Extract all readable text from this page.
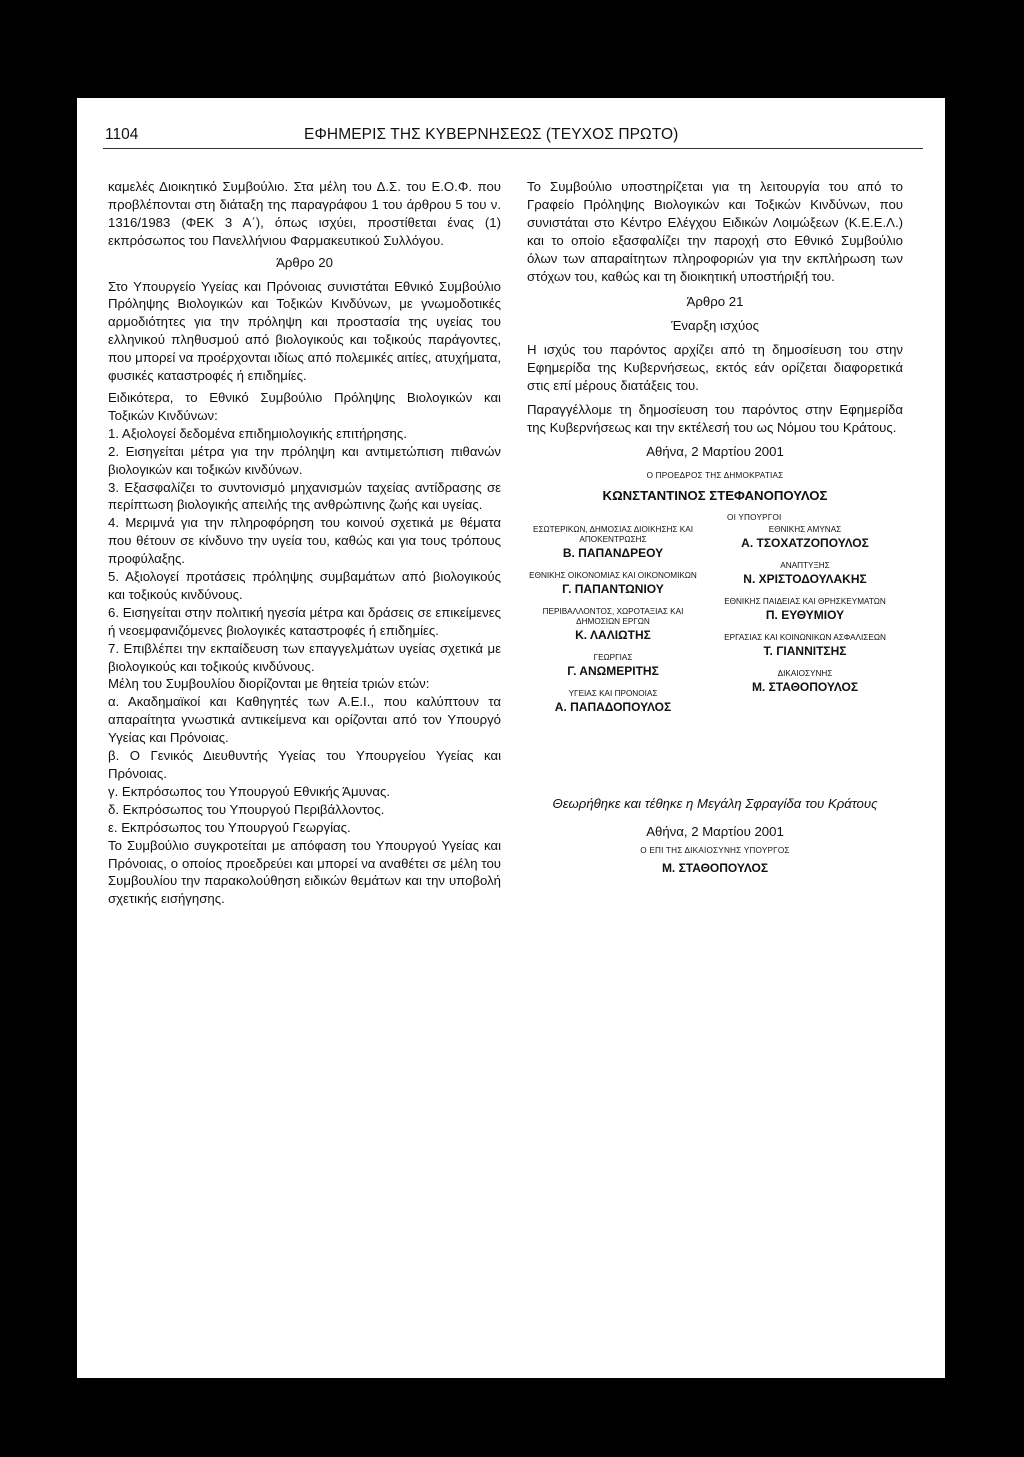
1104	ΕΦΗΜΕΡΙΣ ΤΗΣ ΚΥΒΕΡΝΗΣΕΩΣ (ΤΕΥΧΟΣ ΠΡΩΤΟ)

καμελές Διοικητικό Συμβούλιο. Στα μέλη του Δ.Σ. του Ε.Ο.Φ. που προβλέπονται στη διάταξη της παραγράφου 1 του άρθρου 5 του ν. 1316/1983 (ΦΕΚ 3 Α΄), όπως ισχύει, προστίθεται ένας (1) εκπρόσωπος του Πανελλήνιου Φαρμακευτικού Συλλόγου.

Άρθρο 20

Στο Υπουργείο Υγείας και Πρόνοιας συνιστάται Εθνικό Συμβούλιο Πρόληψης Βιολογικών και Τοξικών Κινδύνων, με γνωμοδοτικές αρμοδιότητες για την πρόληψη και προστασία της υγείας του ελληνικού πληθυσμού από βιολογικούς και τοξικούς παράγοντες, που μπορεί να προέρχονται ιδίως από πολεμικές αιτίες, ατυχήματα, φυσικές καταστροφές ή επιδημίες.

Ειδικότερα, το Εθνικό Συμβούλιο Πρόληψης Βιολογικών και Τοξικών Κινδύνων:

1. Αξιολογεί δεδομένα επιδημιολογικής επιτήρησης.

2. Εισηγείται μέτρα για την πρόληψη και αντιμετώπιση πιθανών βιολογικών και τοξικών κινδύνων.

3. Εξασφαλίζει το συντονισμό μηχανισμών ταχείας αντίδρασης σε περίπτωση βιολογικής απειλής της ανθρώπινης ζωής και υγείας.

4. Μεριμνά για την πληροφόρηση του κοινού σχετικά με θέματα που θέτουν σε κίνδυνο την υγεία του, καθώς και για τους τρόπους προφύλαξης.

5. Αξιολογεί προτάσεις πρόληψης συμβαμάτων από βιολογικούς και τοξικούς κινδύνους.

6. Εισηγείται στην πολιτική ηγεσία μέτρα και δράσεις σε επικείμενες ή νεοεμφανιζόμενες βιολογικές καταστροφές ή επιδημίες.

7. Επιβλέπει την εκπαίδευση των επαγγελμάτων υγείας σχετικά με βιολογικούς και τοξικούς κινδύνους.

Μέλη του Συμβουλίου διορίζονται με θητεία τριών ετών:

α. Ακαδημαϊκοί και Καθηγητές των Α.Ε.Ι., που καλύπτουν τα απαραίτητα γνωστικά αντικείμενα και ορίζονται από τον Υπουργό Υγείας και Πρόνοιας.

β. Ο Γενικός Διευθυντής Υγείας του Υπουργείου Υγείας και Πρόνοιας.

γ. Εκπρόσωπος του Υπουργού Εθνικής Άμυνας.

δ. Εκπρόσωπος του Υπουργού Περιβάλλοντος.

ε. Εκπρόσωπος του Υπουργού Γεωργίας.

Το Συμβούλιο συγκροτείται με απόφαση του Υπουργού Υγείας και Πρόνοιας, ο οποίος προεδρεύει και μπορεί να αναθέτει σε μέλη του Συμβουλίου την παρακολούθηση ειδικών θεμάτων και την υποβολή σχετικής εισήγησης.

Το Συμβούλιο υποστηρίζεται για τη λειτουργία του από το Γραφείο Πρόληψης Βιολογικών και Τοξικών Κινδύνων, που συνιστάται στο Κέντρο Ελέγχου Ειδικών Λοιμώξεων (Κ.Ε.Ε.Λ.) και το οποίο εξασφαλίζει την παροχή στο Εθνικό Συμβούλιο όλων των απαραίτητων πληροφοριών για την εκπλήρωση των στόχων του, καθώς και τη διοικητική υποστήριξή του.

Άρθρο 21

Έναρξη ισχύος

Η ισχύς του παρόντος αρχίζει από τη δημοσίευση του στην Εφημερίδα της Κυβερνήσεως, εκτός εάν ορίζεται διαφορετικά στις επί μέρους διατάξεις του.

Παραγγέλλομε τη δημοσίευση του παρόντος στην Εφημερίδα της Κυβερνήσεως και την εκτέλεσή του ως Νόμου του Κράτους.

Αθήνα, 2 Μαρτίου 2001

Ο ΠΡΟΕΔΡΟΣ ΤΗΣ ΔΗΜΟΚΡΑΤΙΑΣ

ΚΩΝΣΤΑΝΤΙΝΟΣ ΣΤΕΦΑΝΟΠΟΥΛΟΣ

ΟΙ ΥΠΟΥΡΓΟΙ

ΕΣΩΤΕΡΙΚΩΝ, ΔΗΜΟΣΙΑΣ ΔΙΟΙΚΗΣΗΣ ΚΑΙ ΑΠΟΚΕΝΤΡΩΣΗΣ
Β. ΠΑΠΑΝΔΡΕΟΥ
ΕΘΝΙΚΗΣ ΟΙΚΟΝΟΜΙΑΣ ΚΑΙ ΟΙΚΟΝΟΜΙΚΩΝ
Γ. ΠΑΠΑΝΤΩΝΙΟΥ
ΠΕΡΙΒΑΛΛΟΝΤΟΣ, ΧΩΡΟΤΑΞΙΑΣ ΚΑΙ ΔΗΜΟΣΙΩΝ ΕΡΓΩΝ
Κ. ΛΑΛΙΩΤΗΣ
ΓΕΩΡΓΙΑΣ
Γ. ΑΝΩΜΕΡΙΤΗΣ
ΥΓΕΙΑΣ ΚΑΙ ΠΡΟΝΟΙΑΣ
Α. ΠΑΠΑΔΟΠΟΥΛΟΣ
ΕΘΝΙΚΗΣ ΑΜΥΝΑΣ
Α. ΤΣΟΧΑΤΖΟΠΟΥΛΟΣ
ΑΝΑΠΤΥΞΗΣ
Ν. ΧΡΙΣΤΟΔΟΥΛΑΚΗΣ
ΕΘΝΙΚΗΣ ΠΑΙΔΕΙΑΣ ΚΑΙ ΘΡΗΣΚΕΥΜΑΤΩΝ
Π. ΕΥΘΥΜΙΟΥ
ΕΡΓΑΣΙΑΣ ΚΑΙ ΚΟΙΝΩΝΙΚΩΝ ΑΣΦΑΛΙΣΕΩΝ
Τ. ΓΙΑΝΝΙΤΣΗΣ
ΔΙΚΑΙΟΣΥΝΗΣ
Μ. ΣΤΑΘΟΠΟΥΛΟΣ

Θεωρήθηκε και τέθηκε η Μεγάλη Σφραγίδα του Κράτους

Αθήνα, 2 Μαρτίου 2001

Ο ΕΠΙ ΤΗΣ ΔΙΚΑΙΟΣΥΝΗΣ ΥΠΟΥΡΓΟΣ

Μ. ΣΤΑΘΟΠΟΥΛΟΣ
